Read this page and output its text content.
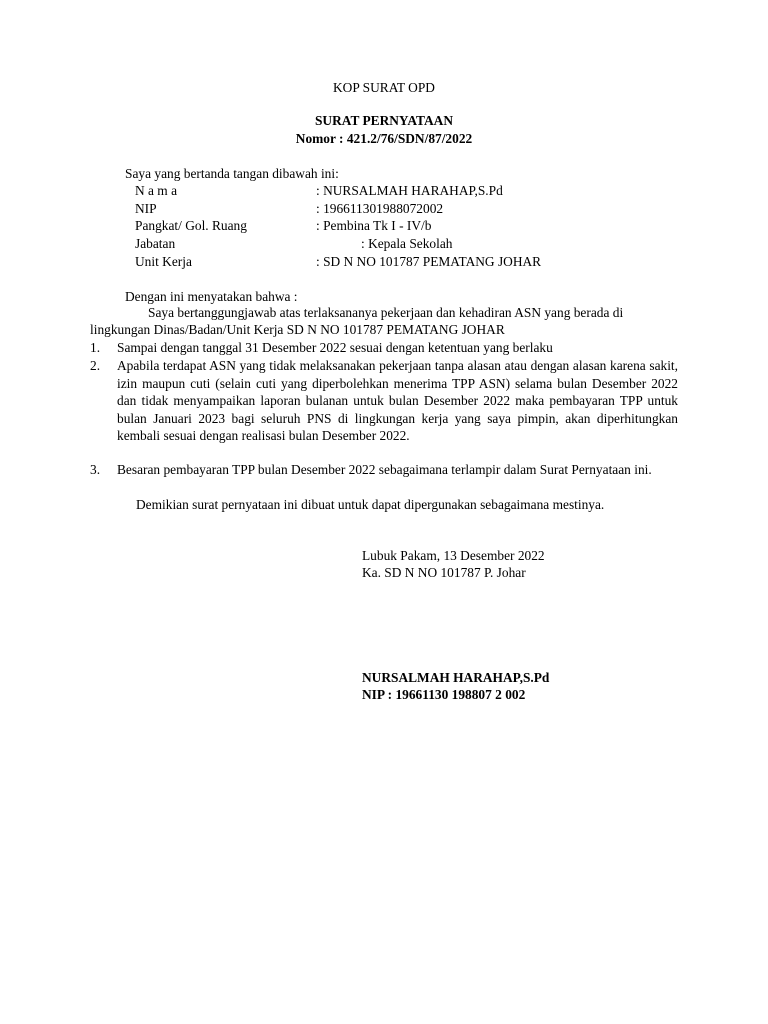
KOP SURAT OPD
SURAT PERNYATAAN
Nomor : 421.2/76/SDN/87/2022
Saya yang bertanda tangan dibawah ini:
N a m a	: NURSALMAH HARAHAP,S.Pd
NIP	: 196611301988072002
Pangkat/ Gol. Ruang	: Pembina Tk I - IV/b
Jabatan	: Kepala Sekolah
Unit Kerja	: SD N NO 101787 PEMATANG JOHAR
Dengan ini menyatakan bahwa :
Saya bertanggungjawab atas terlaksananya pekerjaan dan kehadiran ASN yang berada di
lingkungan Dinas/Badan/Unit Kerja SD N NO 101787 PEMATANG JOHAR
1. Sampai dengan tanggal 31 Desember 2022 sesuai dengan ketentuan yang berlaku
2. Apabila terdapat ASN yang tidak melaksanakan pekerjaan tanpa alasan atau dengan alasan karena sakit, izin maupun cuti (selain cuti yang diperbolehkan menerima TPP ASN) selama bulan Desember 2022 dan tidak menyampaikan laporan bulanan untuk bulan Desember 2022 maka pembayaran TPP untuk bulan Januari 2023 bagi seluruh PNS di lingkungan kerja yang saya pimpin, akan diperhitungkan kembali sesuai dengan realisasi bulan Desember 2022.
3. Besaran pembayaran TPP bulan Desember 2022 sebagaimana terlampir dalam Surat Pernyataan ini.
Demikian surat pernyataan ini dibuat untuk dapat dipergunakan sebagaimana mestinya.
Lubuk Pakam, 13 Desember 2022
Ka. SD N NO 101787 P. Johar
NURSALMAH HARAHAP,S.Pd
NIP : 19661130 198807 2 002
